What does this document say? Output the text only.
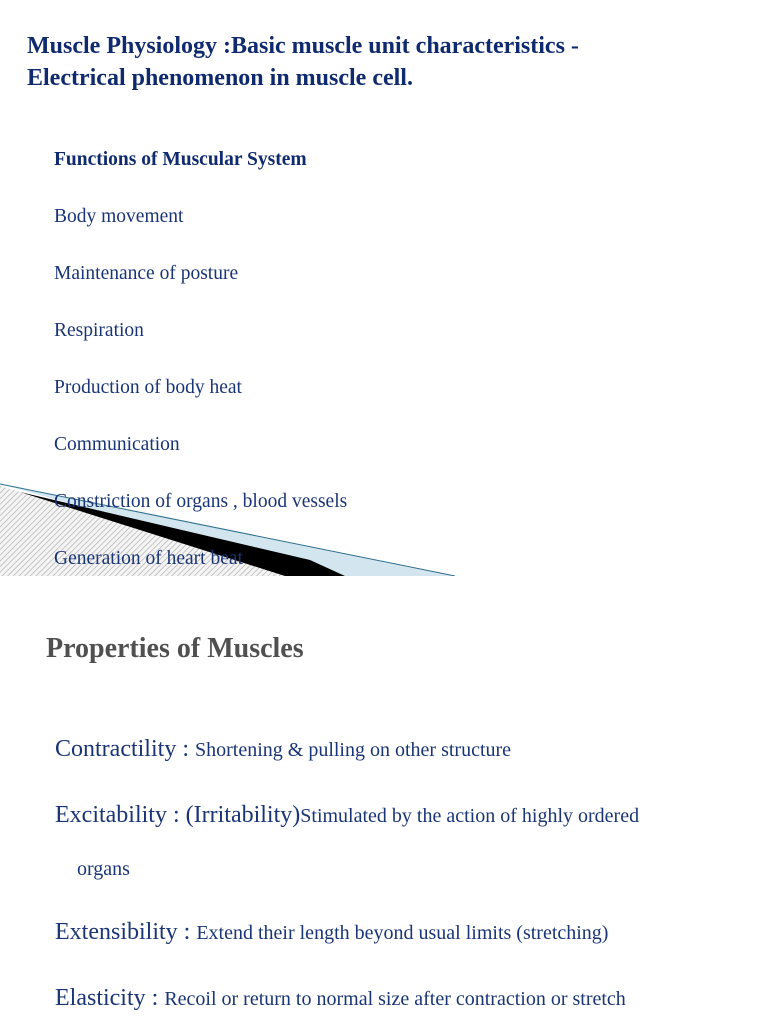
Muscle Physiology :Basic muscle unit characteristics -
Electrical phenomenon in muscle cell.
Functions of Muscular System
Body movement
Maintenance of posture
Respiration
Production of body heat
Communication
Constriction of organs , blood vessels
Generation of heart beat
Properties of Muscles

Contractility : Shortening & pulling on other structure

Excitability : (Irritability)Stimulated by the action of highly ordered

organs

Extensibility : Extend their length beyond usual limits (stretching)

Elasticity : Recoil or return to normal size after contraction or stretch
